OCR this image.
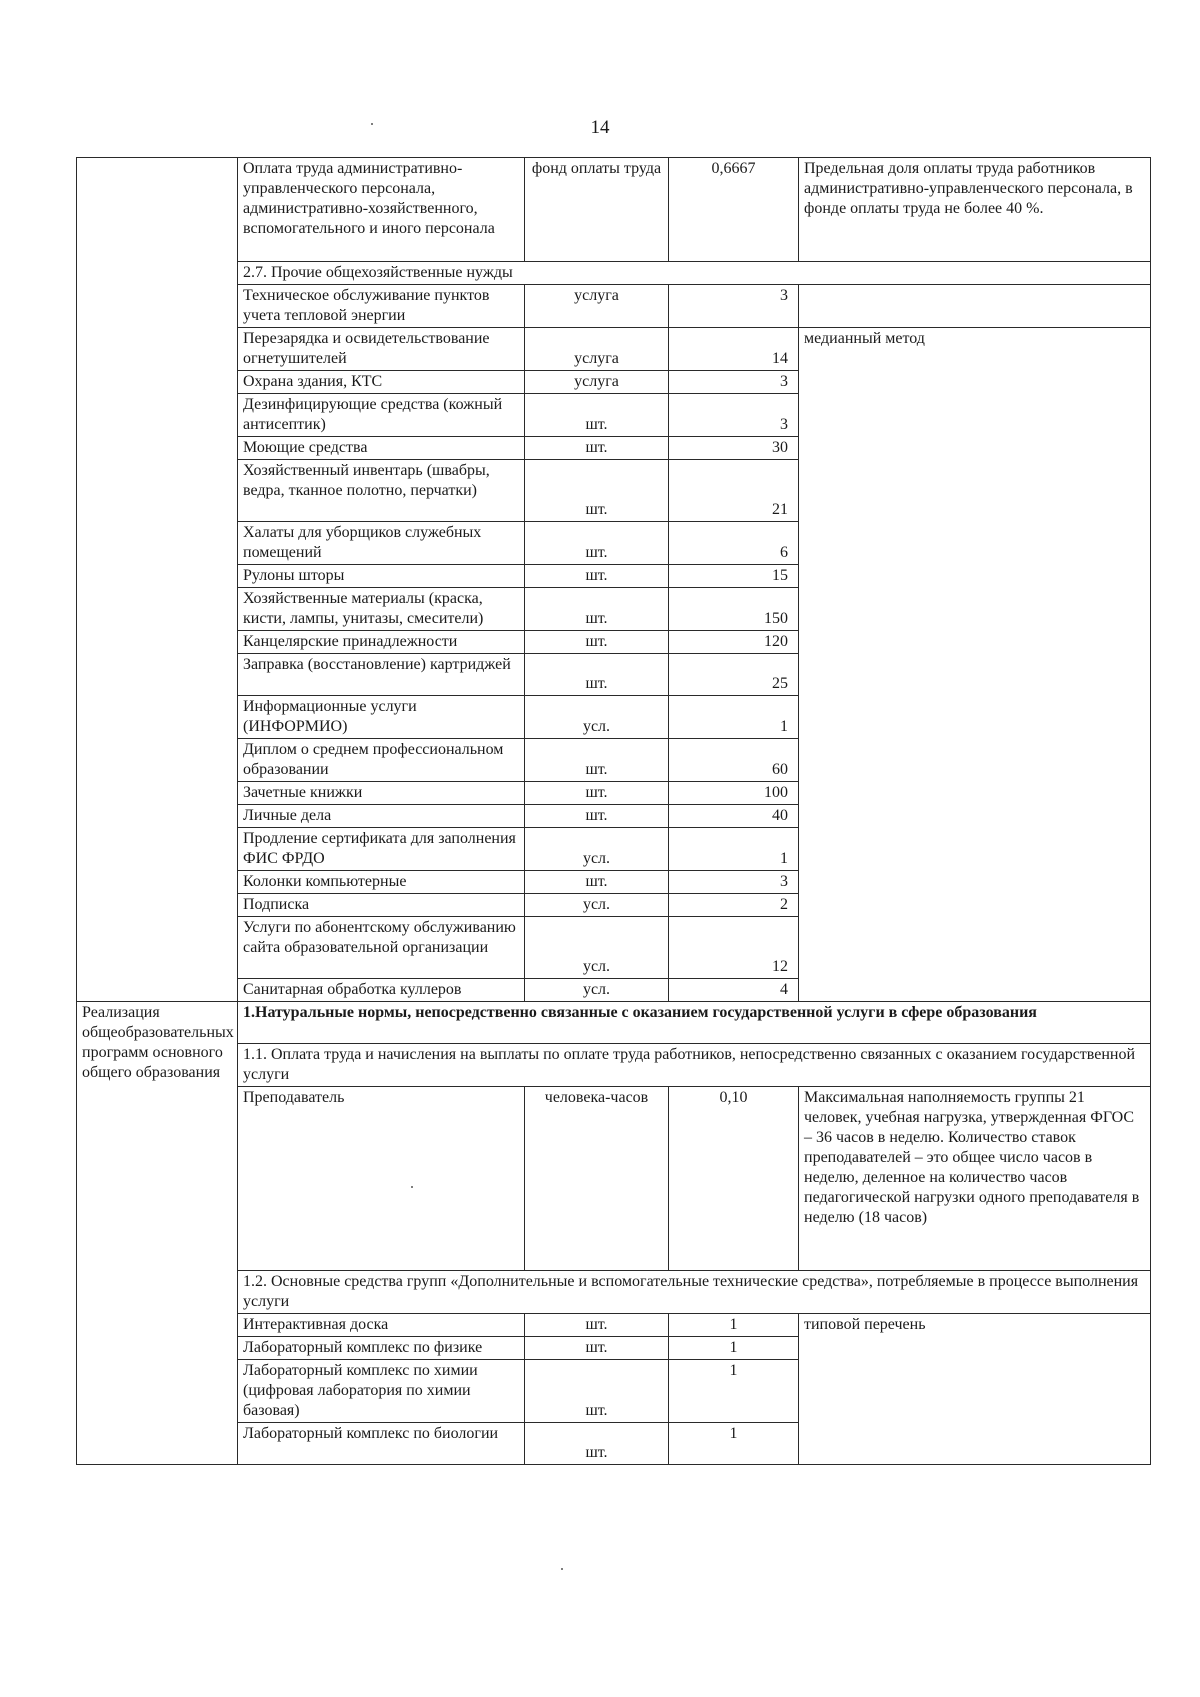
14
	Оплата труда административно-управленческого персонала, административно-хозяйственного, вспомогательного и иного персонала	фонд оплаты труда	0,6667	Предельная доля оплаты труда работников административно-управленческого персонала, в фонде оплаты труда не более 40 %.
	2.7. Прочие общехозяйственные нужды			
	Техническое обслуживание пунктов учета тепловой энергии	услуга	3	
	Перезарядка и освидетельствование огнетушителей	услуга	14	медианный метод
	Охрана здания, КТС	услуга	3	
	Дезинфицирующие средства (кожный антисептик)	шт.	3	
	Моющие средства	шт.	30	
	Хозяйственный инвентарь (швабры, ведра, тканное полотно, перчатки)	шт.	21	
	Халаты для уборщиков служебных помещений	шт.	6	
	Рулоны шторы	шт.	15	
	Хозяйственные материалы (краска, кисти, лампы, унитазы, смесители)	шт.	150	
	Канцелярские принадлежности	шт.	120	
	Заправка (восстановление) картриджей	шт.	25	
	Информационные услуги (ИНФОРМИО)	усл.	1	
	Диплом о среднем профессиональном образовании	шт.	60	
	Зачетные книжки	шт.	100	
	Личные дела	шт.	40	
	Продление сертификата для заполнения ФИС ФРДО	усл.	1	
	Колонки компьютерные	шт.	3	
	Подписка	усл.	2	
	Услуги по абонентскому обслуживанию сайта образовательной организации	усл.	12	
	Санитарная обработка куллеров	усл.	4	
Реализация общеобразовательных программ основного общего образования	1.Натуральные нормы, непосредственно связанные с оказанием государственной услуги в сфере образования			
	1.1. Оплата труда и начисления на выплаты по оплате труда работников, непосредственно связанных с оказанием государственной услуги			
	Преподаватель	человека-часов	0,10	Максимальная наполняемость группы 21 человек, учебная нагрузка, утвержденная ФГОС – 36 часов в неделю. Количество ставок преподавателей – это общее число часов в неделю, деленное на количество часов педагогической нагрузки одного преподавателя в неделю (18 часов)
	1.2. Основные средства групп «Дополнительные и вспомогательные технические средства», потребляемые в процессе выполнения услуги			
	Интерактивная доска	шт.	1	типовой перечень
	Лабораторный комплекс по физике	шт.	1	
	Лабораторный комплекс по химии (цифровая лаборатория по химии базовая)	шт.	1	
	Лабораторный комплекс по биологии	шт.	1	
